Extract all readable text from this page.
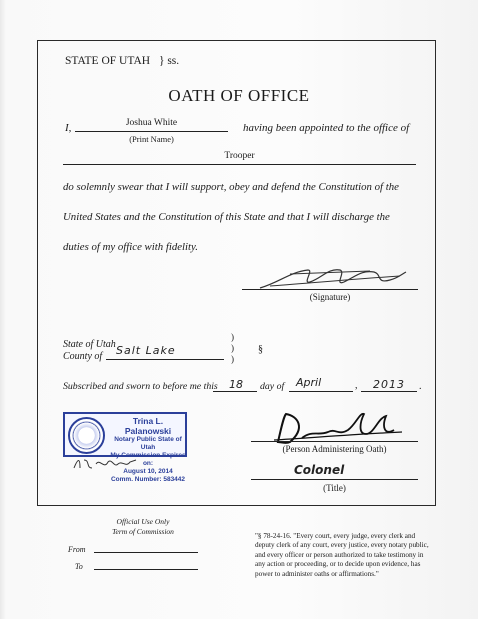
STATE OF UTAH } ss.
OATH OF OFFICE
I,	Joshua White
(Print Name)
having been appointed to the office of
Trooper
do solemnly swear that I will support, obey and defend the Constitution of the
United States and the Constitution of this State and that I will discharge the
duties of my office with fidelity.
(Signature)
State of Utah
County of Salt Lake
)
)
)
§
Subscribed and sworn to before me this 18 day of April	, 2013 .
Trina L. Palanowski
Notary Public State of Utah
My Commission Expires on:
August 10, 2014
Comm. Number: 583442
(Person Administering Oath)
Colonel
(Title)
Official Use Only
Term of Commission
From
To
"§ 78-24-16. "Every court, every judge, every clerk and
deputy clerk of any court, every justice, every notary public,
and every officer or person authorized to take testimony in
any action or proceeding, or to decide upon evidence, has
power to administer oaths or affirmations."
